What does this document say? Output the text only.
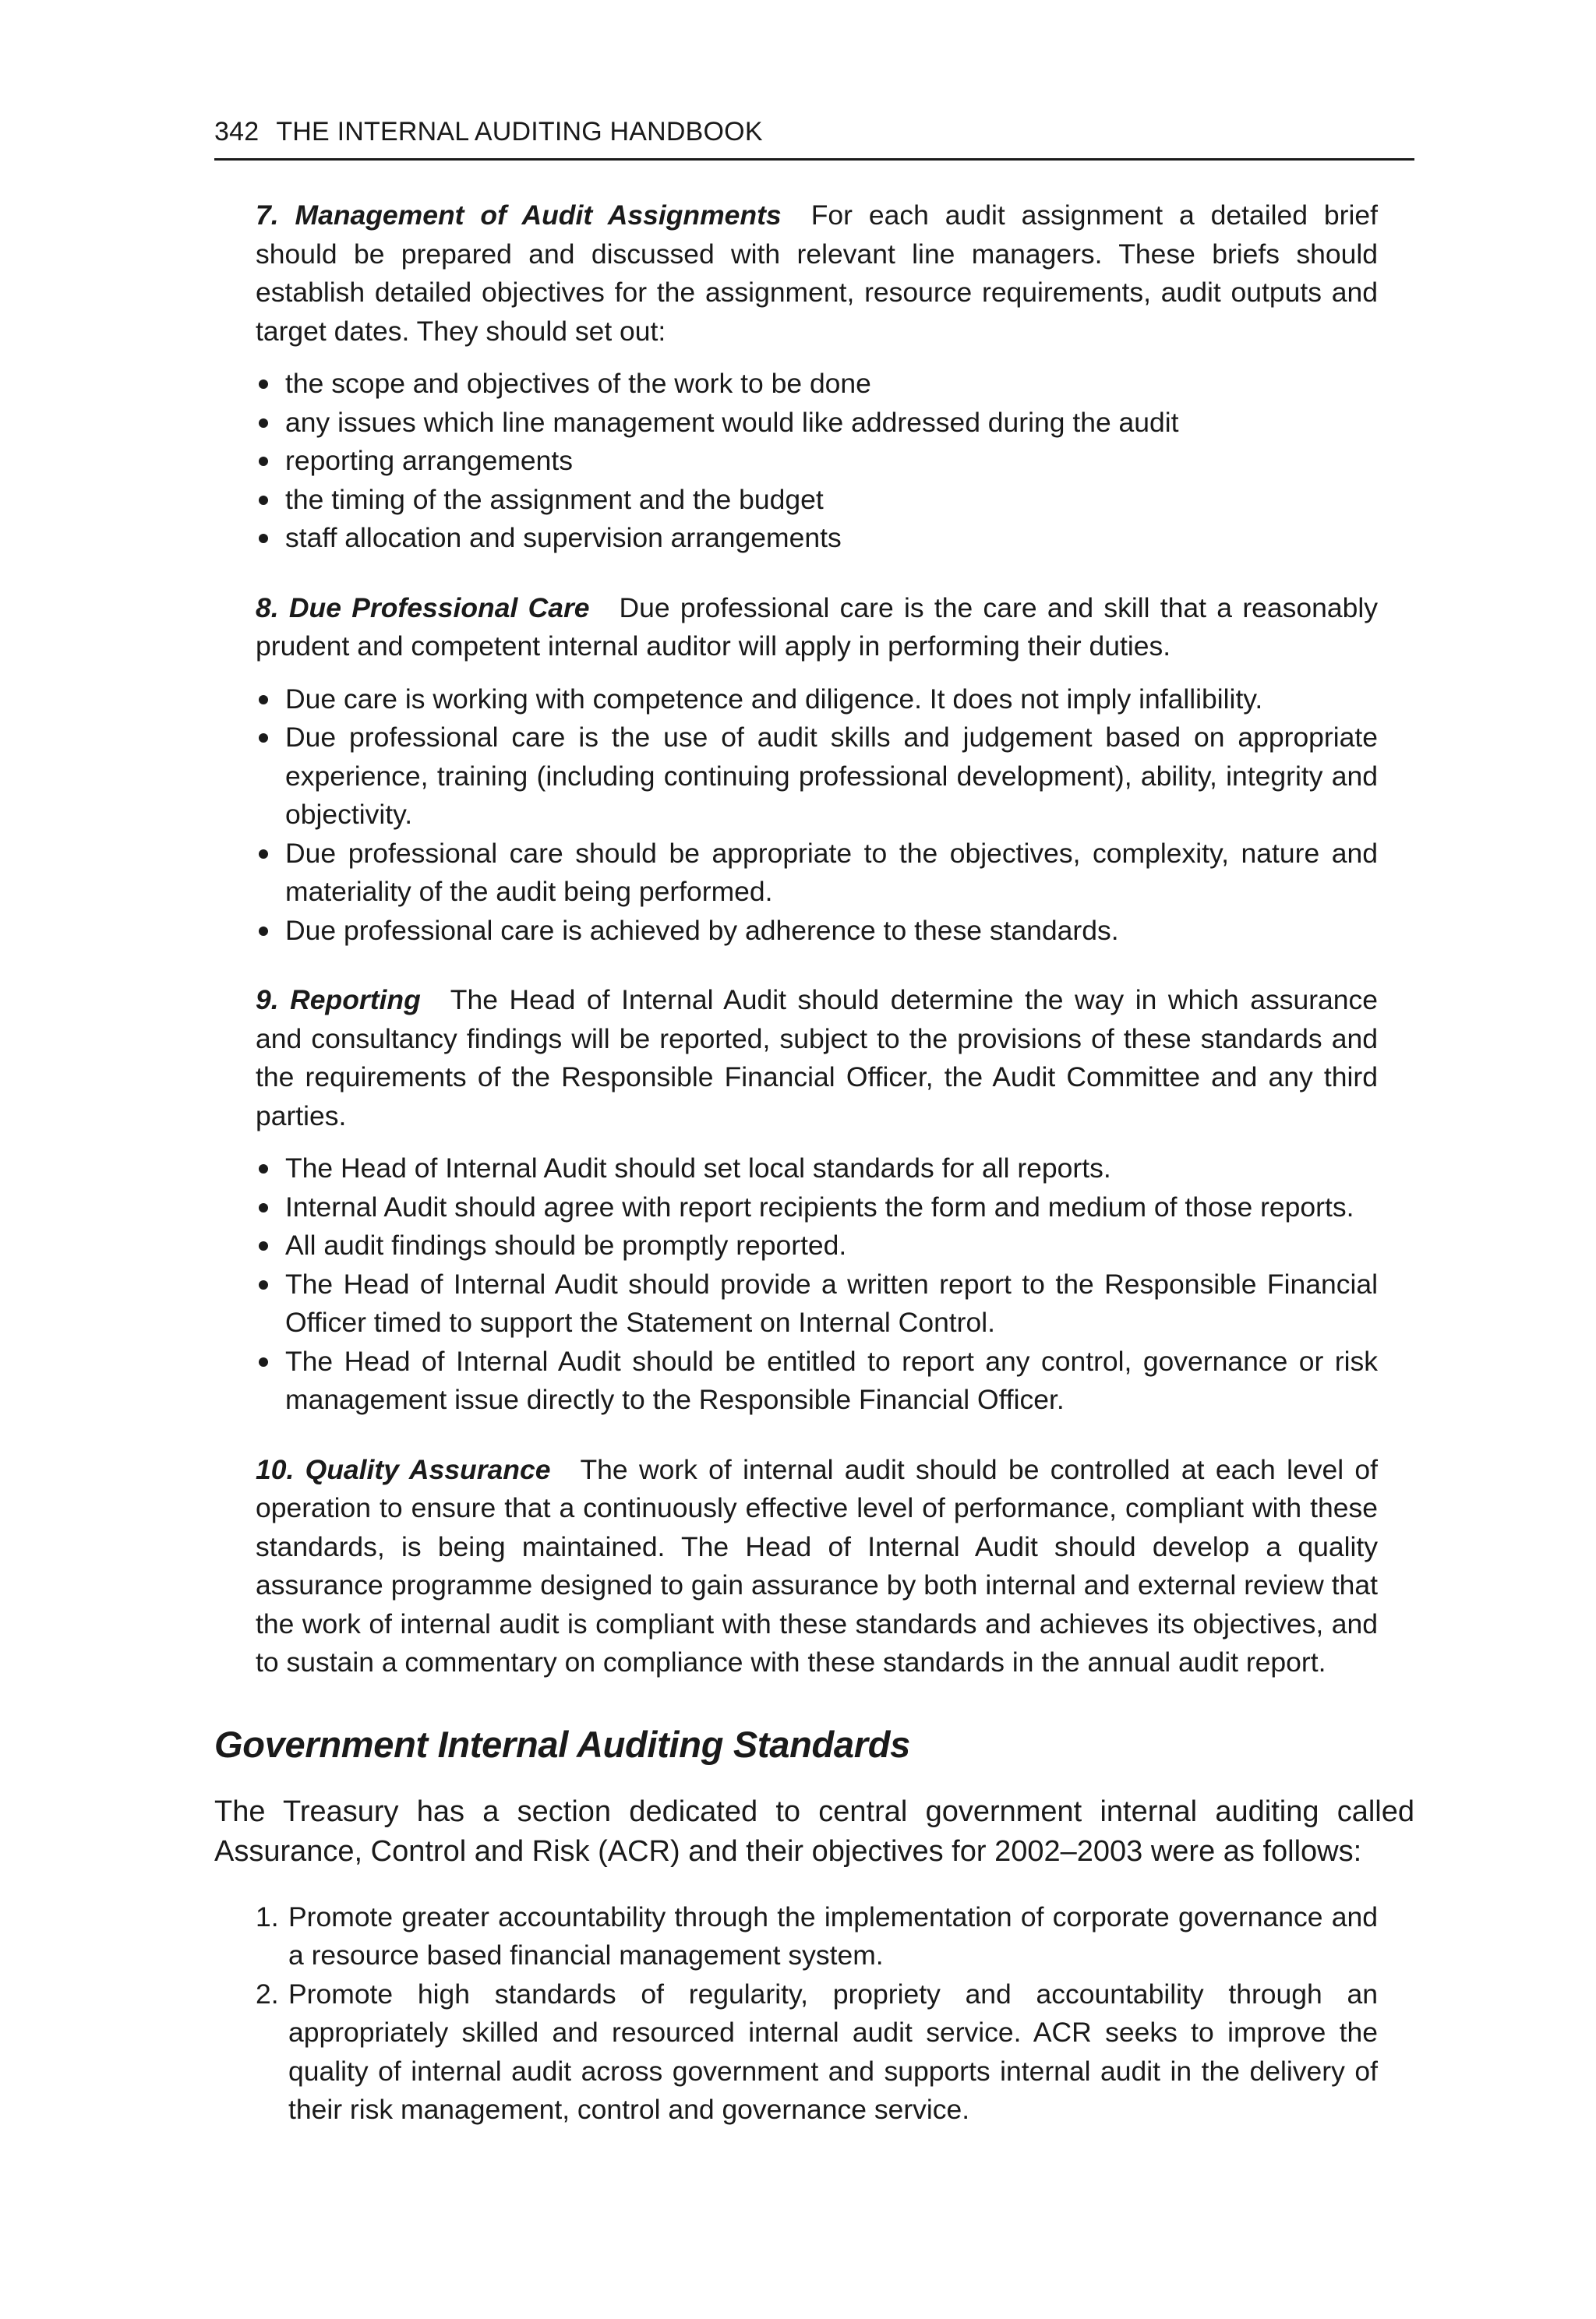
342 THE INTERNAL AUDITING HANDBOOK

7. Management of Audit Assignments For each audit assignment a detailed brief should be prepared and discussed with relevant line managers. These briefs should establish detailed objectives for the assignment, resource requirements, audit outputs and target dates. They should set out:

the scope and objectives of the work to be done
any issues which line management would like addressed during the audit
reporting arrangements
the timing of the assignment and the budget
staff allocation and supervision arrangements

8. Due Professional Care Due professional care is the care and skill that a reasonably prudent and competent internal auditor will apply in performing their duties.

Due care is working with competence and diligence. It does not imply infallibility.
Due professional care is the use of audit skills and judgement based on appropriate experience, training (including continuing professional development), ability, integrity and objectivity.
Due professional care should be appropriate to the objectives, complexity, nature and materiality of the audit being performed.
Due professional care is achieved by adherence to these standards.

9. Reporting The Head of Internal Audit should determine the way in which assurance and consultancy findings will be reported, subject to the provisions of these standards and the requirements of the Responsible Financial Officer, the Audit Committee and any third parties.

The Head of Internal Audit should set local standards for all reports.
Internal Audit should agree with report recipients the form and medium of those reports.
All audit findings should be promptly reported.
The Head of Internal Audit should provide a written report to the Responsible Financial Officer timed to support the Statement on Internal Control.
The Head of Internal Audit should be entitled to report any control, governance or risk management issue directly to the Responsible Financial Officer.

10. Quality Assurance The work of internal audit should be controlled at each level of operation to ensure that a continuously effective level of performance, compliant with these standards, is being maintained. The Head of Internal Audit should develop a quality assurance programme designed to gain assurance by both internal and external review that the work of internal audit is compliant with these standards and achieves its objectives, and to sustain a commentary on compliance with these standards in the annual audit report.

Government Internal Auditing Standards

The Treasury has a section dedicated to central government internal auditing called Assurance, Control and Risk (ACR) and their objectives for 2002–2003 were as follows:

1. Promote greater accountability through the implementation of corporate governance and a resource based financial management system.
2. Promote high standards of regularity, propriety and accountability through an appropriately skilled and resourced internal audit service. ACR seeks to improve the quality of internal audit across government and supports internal audit in the delivery of their risk management, control and governance service.
